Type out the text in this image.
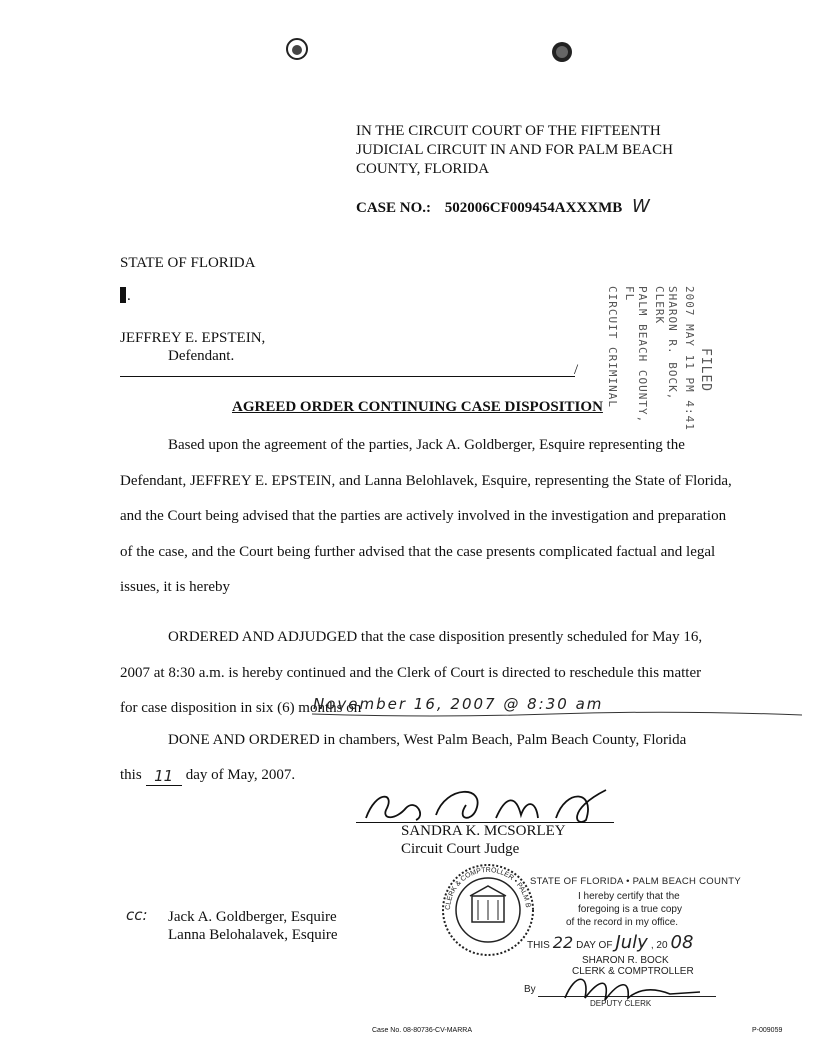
IN THE CIRCUIT COURT OF THE FIFTEENTH
JUDICIAL CIRCUIT IN AND FOR PALM BEACH
COUNTY, FLORIDA
CASE NO.: 502006CF009454AXXXMB W
STATE OF FLORIDA
.
JEFFREY E. EPSTEIN,
Defendant.
/	2007 MAY 11 PM 4:41
SHARON R. BOCK, CLERK
PALM BEACH COUNTY, FL
CIRCUIT CRIMINAL	FILED
AGREED ORDER CONTINUING CASE DISPOSITION
Based upon the agreement of the parties, Jack A. Goldberger, Esquire representing the Defendant, JEFFREY E. EPSTEIN, and Lanna Belohlavek, Esquire, representing the State of Florida, and the Court being advised that the parties are actively involved in the investigation and preparation of the case, and the Court being further advised that the case presents complicated factual and legal issues, it is hereby
ORDERED AND ADJUDGED that the case disposition presently scheduled for May 16, 2007 at 8:30 a.m. is hereby continued and the Clerk of Court is directed to reschedule this matter for case disposition in six (6) months on
November 16, 2007 @ 8:30 am
DONE AND ORDERED in chambers, West Palm Beach, Palm Beach County, Florida
this 11 day of May, 2007.
SANDRA K. MCSORLEY
Circuit Court Judge
cc: Jack A. Goldberger, Esquire
Lanna Belohalavek, Esquire
CLERK & COMPTROLLER • PALM BEACH COUNTY
STATE OF FLORIDA • PALM BEACH COUNTY
I hereby certify that the
foregoing is a true copy
of the record in my office.
THIS 22 DAY OF July , 20 08
SHARON R. BOCK
CLERK & COMPTROLLER
By
DEPUTY CLERK
Case No. 08-80736-CV-MARRA	P-009059
